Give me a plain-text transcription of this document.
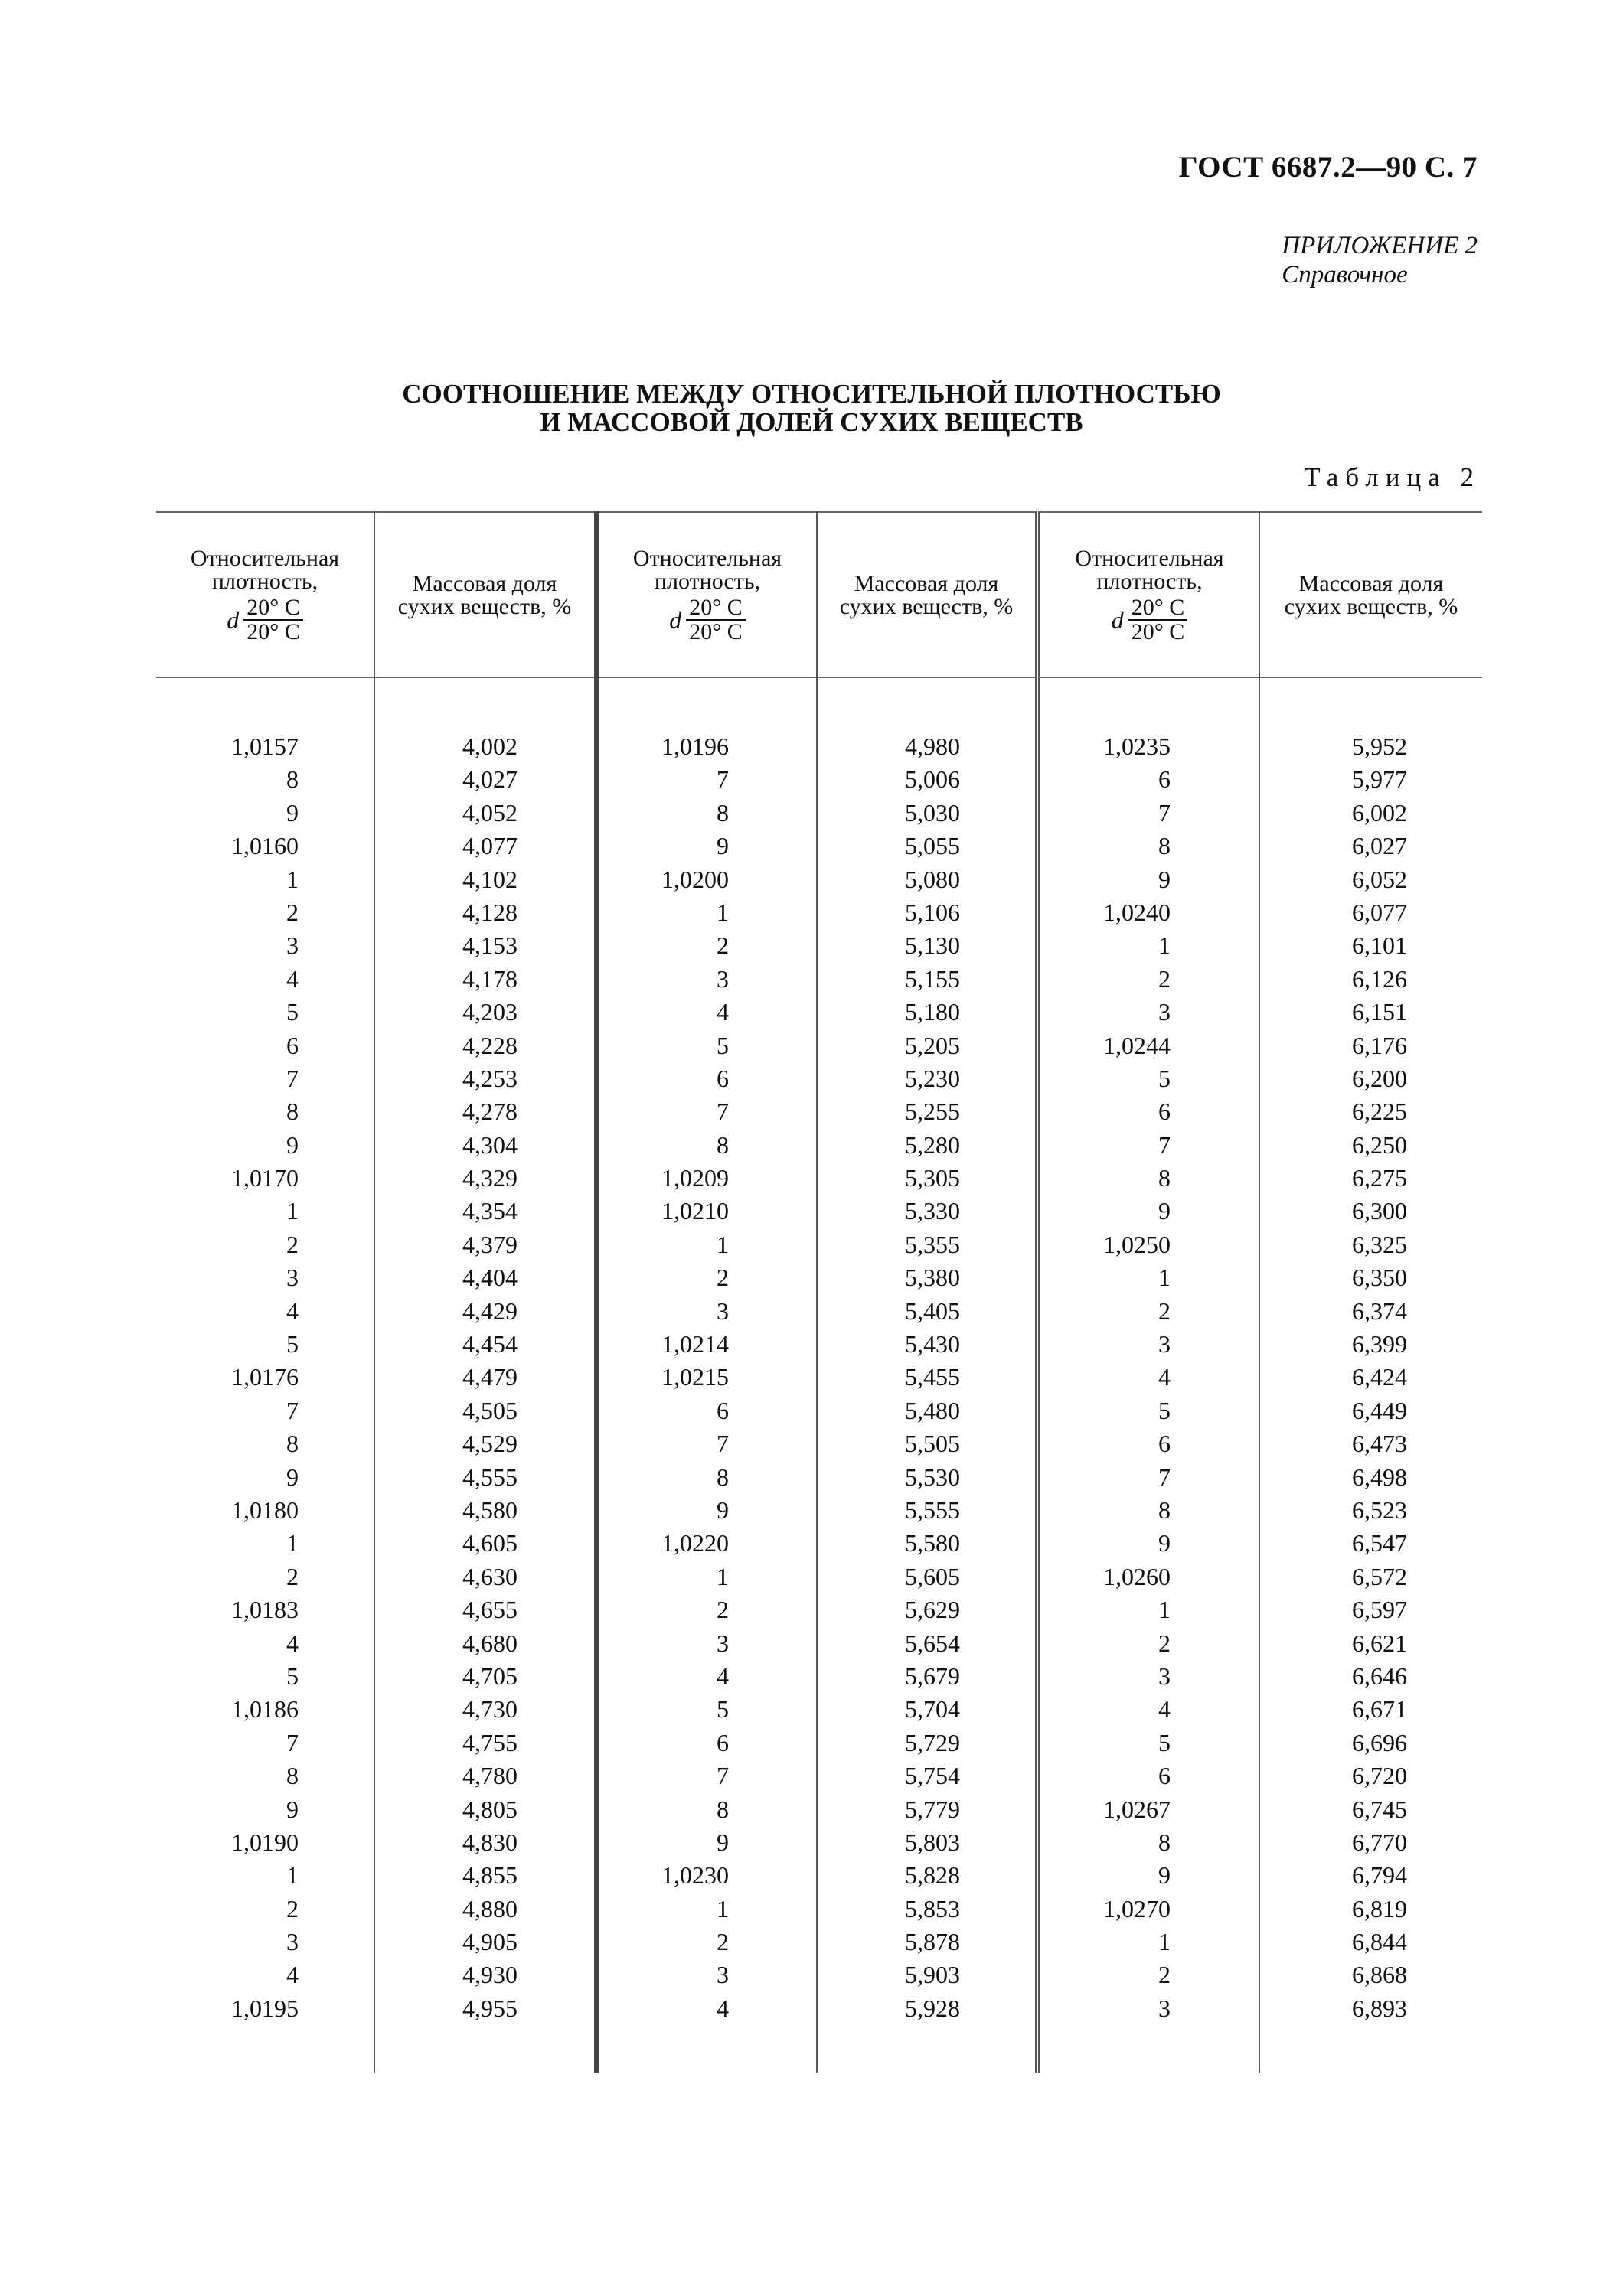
ГОСТ 6687.2—90 С. 7
ПРИЛОЖЕНИЕ 2
Справочное
СООТНОШЕНИЕ МЕЖДУ ОТНОСИТЕЛЬНОЙ ПЛОТНОСТЬЮ
И МАССОВОЙ ДОЛЕЙ СУХИХ ВЕЩЕСТВ
Таблица 2
Относительная
плотность,
d $\frac{20^\circ С}{20^\circ С}$
Массовая доля
сухих веществ, %
Относительная
плотность,
d $\frac{20^\circ С}{20^\circ С}$
Массовая доля
сухих веществ, %
Относительная
плотность,
d $\frac{20^\circ С}{20^\circ С}$
Массовая доля
сухих веществ, %
1,0157
8
9
1,0160
1
2
3
4
5
6
7
8
9
1,0170
1
2
3
4
5
1,0176
7
8
9
1,0180
1
2
1,0183
4
5
1,0186
7
8
9
1,0190
1
2
3
4
1,0195
4,002
4,027
4,052
4,077
4,102
4,128
4,153
4,178
4,203
4,228
4,253
4,278
4,304
4,329
4,354
4,379
4,404
4,429
4,454
4,479
4,505
4,529
4,555
4,580
4,605
4,630
4,655
4,680
4,705
4,730
4,755
4,780
4,805
4,830
4,855
4,880
4,905
4,930
4,955
1,0196
7
8
9
1,0200
1
2
3
4
5
6
7
8
1,0209
1,0210
1
2
3
1,0214
1,0215
6
7
8
9
1,0220
1
2
3
4
5
6
7
8
9
1,0230
1
2
3
4
4,980
5,006
5,030
5,055
5,080
5,106
5,130
5,155
5,180
5,205
5,230
5,255
5,280
5,305
5,330
5,355
5,380
5,405
5,430
5,455
5,480
5,505
5,530
5,555
5,580
5,605
5,629
5,654
5,679
5,704
5,729
5,754
5,779
5,803
5,828
5,853
5,878
5,903
5,928
1,0235
6
7
8
9
1,0240
1
2
3
1,0244
5
6
7
8
9
1,0250
1
2
3
4
5
6
7
8
9
1,0260
1
2
3
4
5
6
1,0267
8
9
1,0270
1
2
3
5,952
5,977
6,002
6,027
6,052
6,077
6,101
6,126
6,151
6,176
6,200
6,225
6,250
6,275
6,300
6,325
6,350
6,374
6,399
6,424
6,449
6,473
6,498
6,523
6,547
6,572
6,597
6,621
6,646
6,671
6,696
6,720
6,745
6,770
6,794
6,819
6,844
6,868
6,893
